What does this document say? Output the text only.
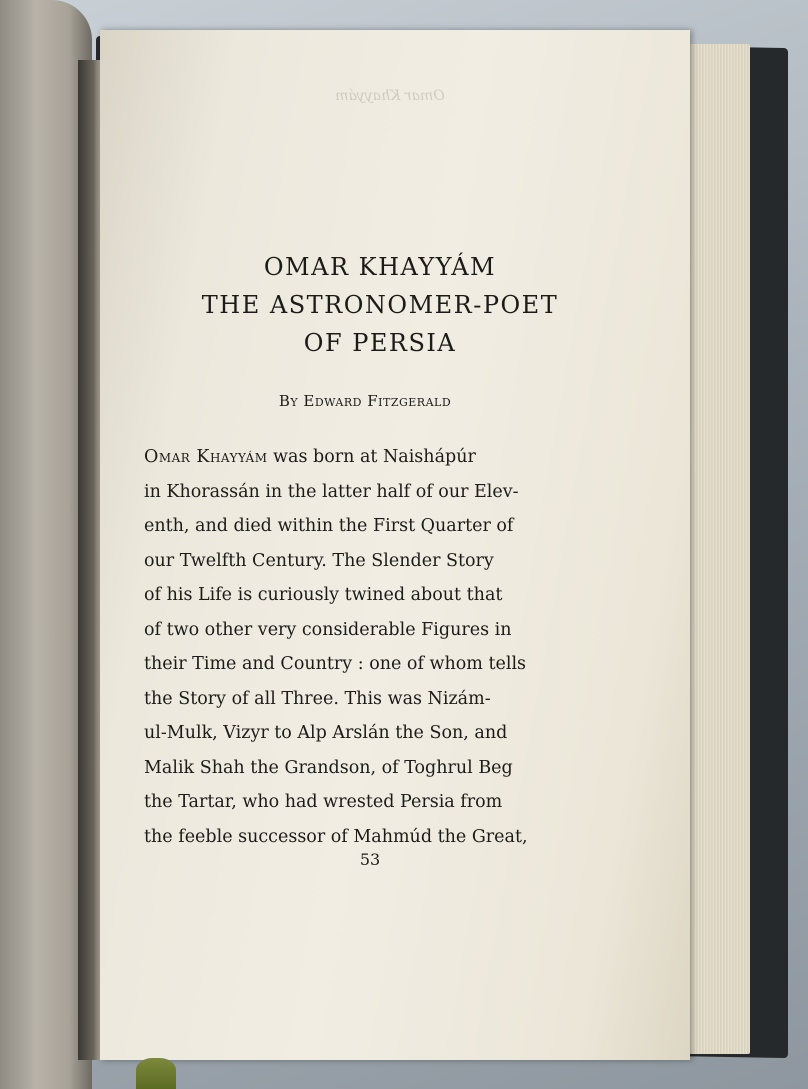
Omar Khayyám
OMAR KHAYYÁM
THE ASTRONOMER-POET
OF PERSIA
By Edward Fitzgerald
Omar Khayyám was born at Naishápúr
in Khorassán in the latter half of our Elev-
enth, and died within the First Quarter of
our Twelfth Century. The Slender Story
of his Life is curiously twined about that
of two other very considerable Figures in
their Time and Country : one of whom tells
the Story of all Three. This was Nizám-
ul-Mulk, Vizyr to Alp Arslán the Son, and
Malik Shah the Grandson, of Toghrul Beg
the Tartar, who had wrested Persia from
the feeble successor of Mahmúd the Great,
53
